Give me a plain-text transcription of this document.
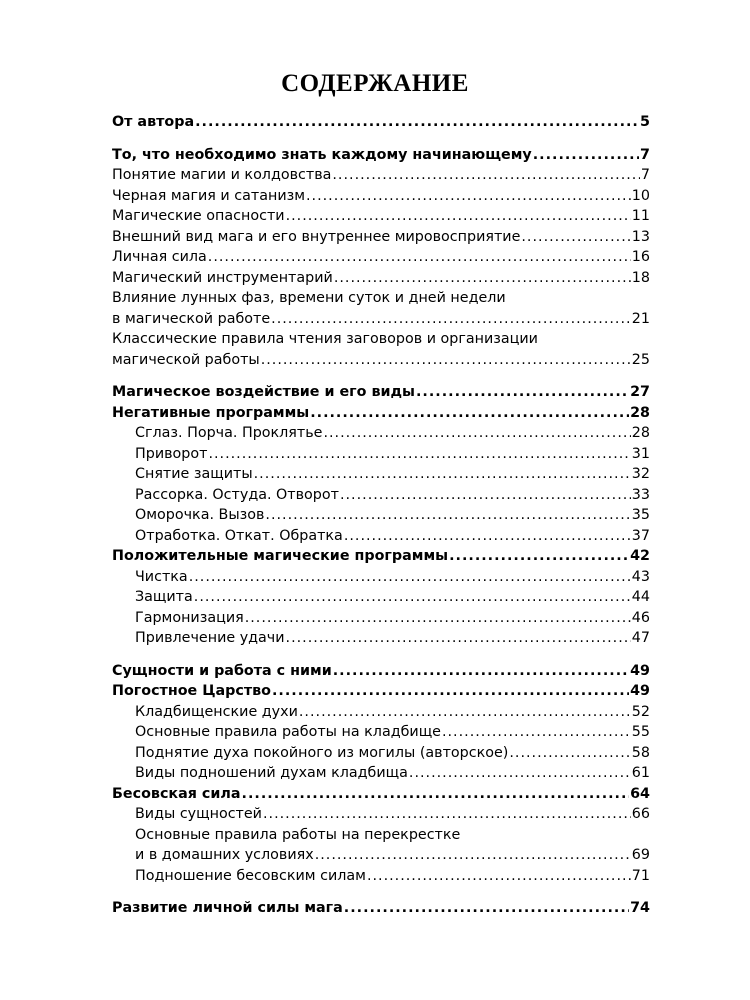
СОДЕРЖАНИЕ
От автора .....	5
То, что необходимо знать каждому начинающему .....	7
Понятие магии и колдовства .....	7
Черная магия и сатанизм .....	10
Магические опасности .....	11
Внешний вид мага и его внутреннее мировосприятие .....	13
Личная сила .....	16
Магический инструментарий .....	18
Влияние лунных фаз, времени суток и дней недели
в магической работе .....	21
Классические правила чтения заговоров и организации
магической работы .....	25
Магическое воздействие и его виды .....	27
Негативные программы .....	28
Сглаз. Порча. Проклятье .....	28
Приворот .....	31
Снятие защиты .....	32
Рассорка. Остуда. Отворот .....	33
Оморочка. Вызов .....	35
Отработка. Откат. Обратка .....	37
Положительные магические программы .....	42
Чистка .....	43
Защита .....	44
Гармонизация .....	46
Привлечение удачи .....	47
Сущности и работа с ними .....	49
Погостное Царство .....	49
Кладбищенские духи .....	52
Основные правила работы на кладбище .....	55
Поднятие духа покойного из могилы (авторское) .....	58
Виды подношений духам кладбища .....	61
Бесовская сила .....	64
Виды сущностей .....	66
Основные правила работы на перекрестке
и в домашних условиях .....	69
Подношение бесовским силам .....	71
Развитие личной силы мага .....	74
